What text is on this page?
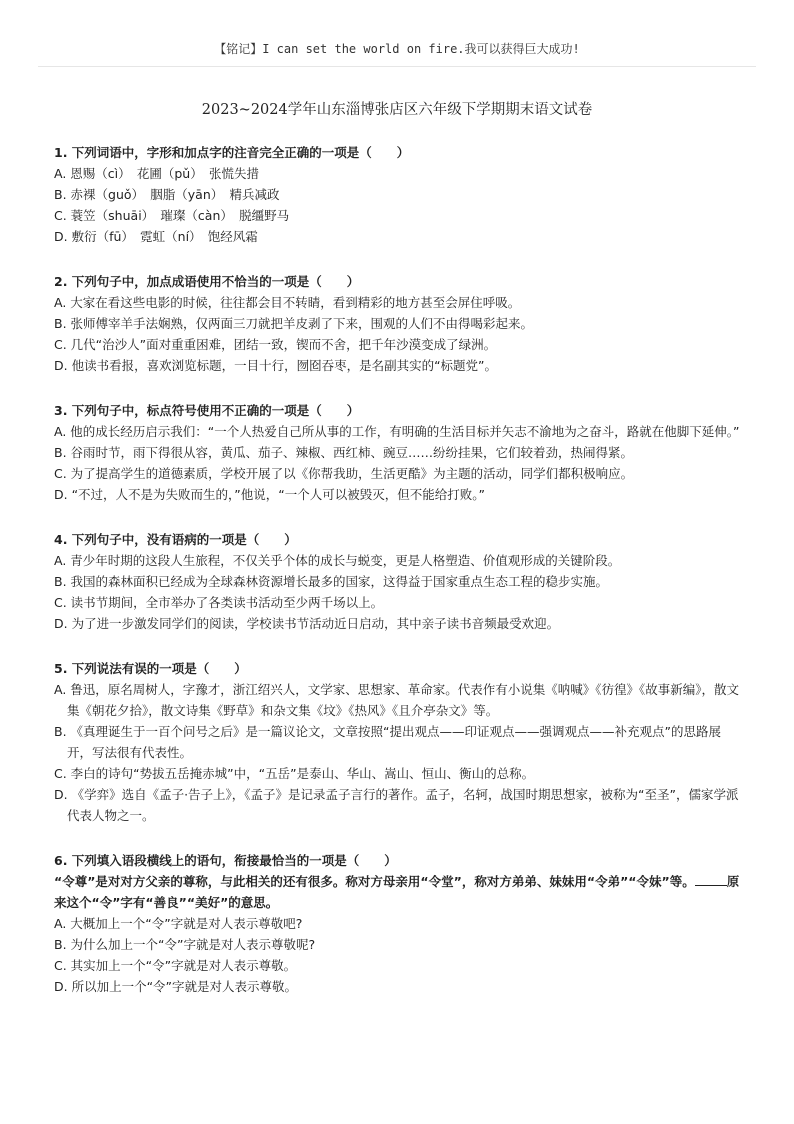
【铭记】I can set the world on fire.我可以获得巨大成功!
2023~2024学年山东淄博张店区六年级下学期期末语文试卷
1. 下列词语中，字形和加点字的注音完全正确的一项是（　　）
A. 恩赐（cì）　花圃（pǔ）　张慌失措
B. 赤裸（guǒ）　胭脂（yān）　精兵减政
C. 蓑笠（shuāi）　璀璨（càn）　脱缰野马
D. 敷衍（fū）　霓虹（ní）　饱经风霜
2. 下列句子中，加点成语使用不恰当的一项是（　　）
A. 大家在看这些电影的时候，往往都会目不转睛，看到精彩的地方甚至会屏住呼吸。
B. 张师傅宰羊手法娴熟，仅两面三刀就把羊皮剥了下来，围观的人们不由得喝彩起来。
C. 几代“治沙人”面对重重困难，团结一致，锲而不舍，把千年沙漠变成了绿洲。
D. 他读书看报，喜欢浏览标题，一目十行，囫囵吞枣，是名副其实的“标题党”。
3. 下列句子中，标点符号使用不正确的一项是（　　）
A. 他的成长经历启示我们：“一个人热爱自己所从事的工作，有明确的生活目标并矢志不渝地为之奋斗，路就在他脚下延伸。”
B. 谷雨时节，雨下得很从容，黄瓜、茄子、辣椒、西红柿、豌豆……纷纷挂果，它们较着劲，热闹得紧。
C. 为了提高学生的道德素质，学校开展了以《你帮我助，生活更酷》为主题的活动，同学们都积极响应。
D. “不过，人不是为失败而生的，”他说，“一个人可以被毁灭，但不能给打败。”
4. 下列句子中，没有语病的一项是（　　）
A. 青少年时期的这段人生旅程，不仅关乎个体的成长与蜕变，更是人格塑造、价值观形成的关键阶段。
B. 我国的森林面积已经成为全球森林资源增长最多的国家，这得益于国家重点生态工程的稳步实施。
C. 读书节期间，全市举办了各类读书活动至少两千场以上。
D. 为了进一步激发同学们的阅读，学校读书节活动近日启动，其中亲子读书音频最受欢迎。
5. 下列说法有误的一项是（　　）
A. 鲁迅，原名周树人，字豫才，浙江绍兴人，文学家、思想家、革命家。代表作有小说集《呐喊》《彷徨》《故事新编》，散文集《朝花夕拾》，散文诗集《野草》和杂文集《坟》《热风》《且介亭杂文》等。
B. 《真理诞生于一百个问号之后》是一篇议论文，文章按照“提出观点——印证观点——强调观点——补充观点”的思路展开，写法很有代表性。
C. 李白的诗句“势拔五岳掩赤城”中，“五岳”是泰山、华山、嵩山、恒山、衡山的总称。
D. 《学弈》选自《孟子·告子上》，《孟子》是记录孟子言行的著作。孟子，名轲，战国时期思想家，被称为“至圣”，儒家学派代表人物之一。
6. 下列填入语段横线上的语句，衔接最恰当的一项是（　　）
“令尊”是对对方父亲的尊称，与此相关的还有很多。称对方母亲用“令堂”，称对方弟弟、妹妹用“令弟”“令妹”等。	原来这个“令”字有“善良”“美好”的意思。
A. 大概加上一个“令”字就是对人表示尊敬吧?
B. 为什么加上一个“令”字就是对人表示尊敬呢?
C. 其实加上一个“令”字就是对人表示尊敬。
D. 所以加上一个“令”字就是对人表示尊敬。
